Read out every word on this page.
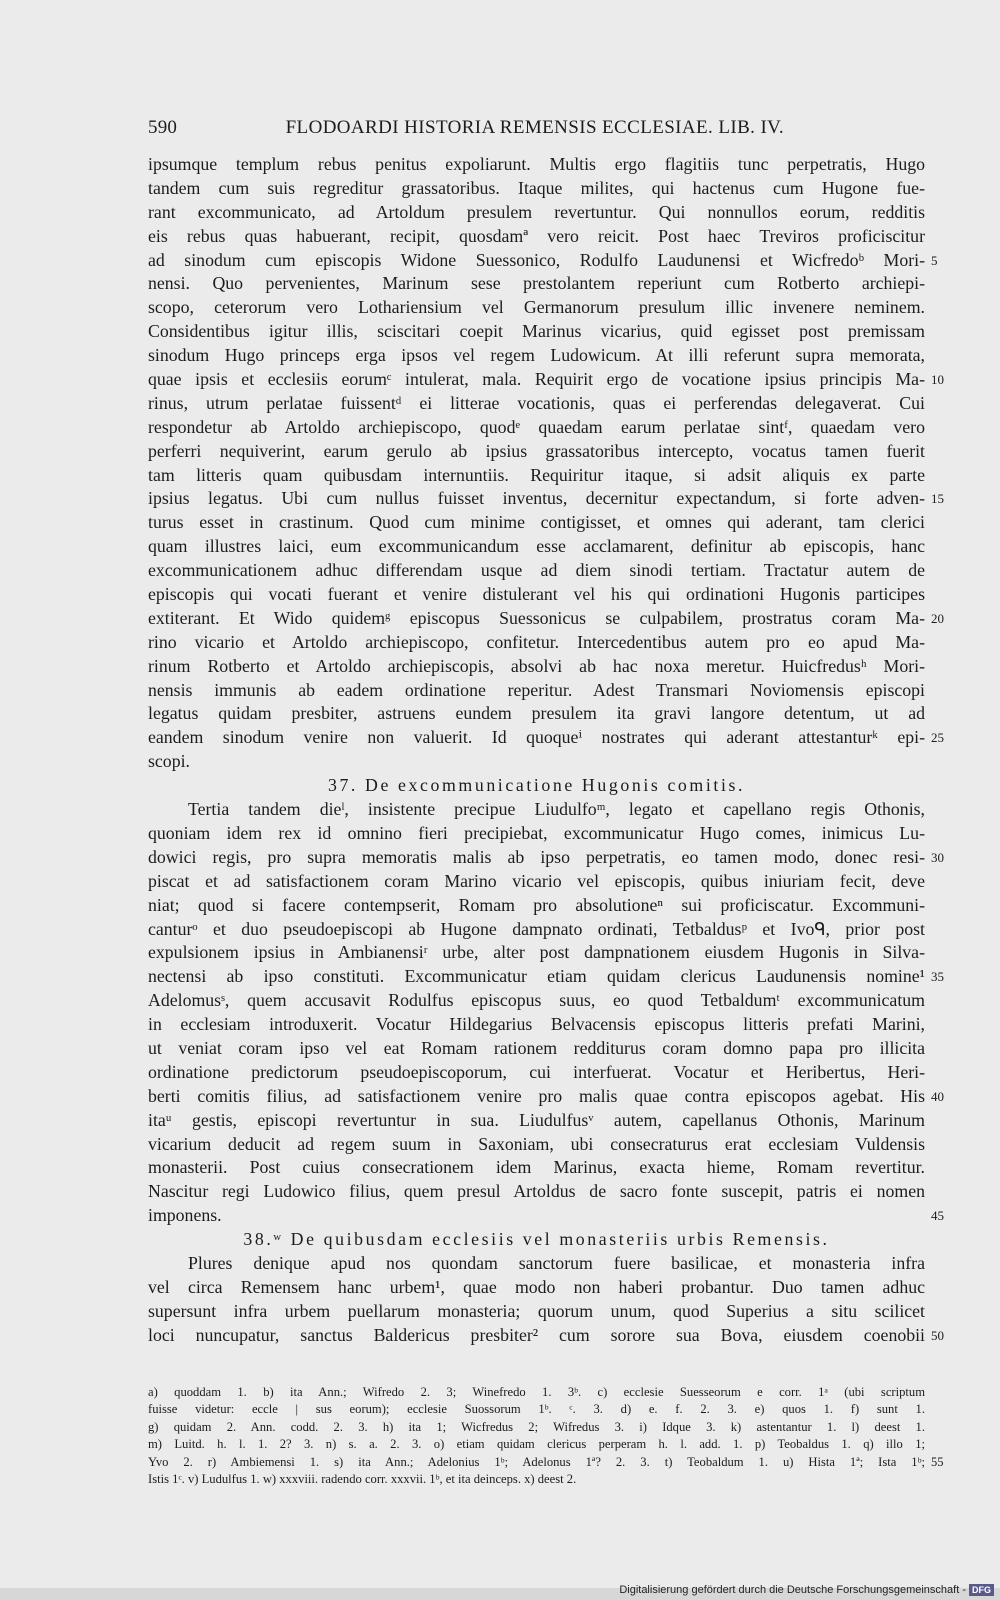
590	FLODOARDI HISTORIA REMENSIS ECCLESIAE. LIB. IV.
ipsumque templum rebus penitus expoliarunt. Multis ergo flagitiis tunc perpetratis, Hugo
tandem cum suis regreditur grassatoribus. Itaque milites, qui hactenus cum Hugone fue-
rant excommunicato, ad Artoldum presulem revertuntur. Qui nonnullos eorum, redditis
eis rebus quas habuerant, recipit, quosdamª vero reicit. Post haec Treviros proficiscitur
ad sinodum cum episcopis Widone Suessonico, Rodulfo Laudunensi et Wicfredoᵇ Mori- 5
nensi. Quo pervenientes, Marinum sese prestolantem reperiunt cum Rotberto archiepi-
scopo, ceterorum vero Lothariensium vel Germanorum presulum illic invenere neminem.
Considentibus igitur illis, sciscitari coepit Marinus vicarius, quid egisset post premissam
sinodum Hugo princeps erga ipsos vel regem Ludowicum. At illi referunt supra memorata,
quae ipsis et ecclesiis eorumᶜ intulerat, mala. Requirit ergo de vocatione ipsius principis Ma- 10
rinus, utrum perlatae fuissentᵈ ei litterae vocationis, quas ei perferendas delegaverat. Cui
respondetur ab Artoldo archiepiscopo, quodᵉ quaedam earum perlatae sintᶠ, quaedam vero
perferri nequiverint, earum gerulo ab ipsius grassatoribus intercepto, vocatus tamen fuerit
tam litteris quam quibusdam internuntiis. Requiritur itaque, si adsit aliquis ex parte
ipsius legatus. Ubi cum nullus fuisset inventus, decernitur expectandum, si forte adven- 15
turus esset in crastinum. Quod cum minime contigisset, et omnes qui aderant, tam clerici
quam illustres laici, eum excommunicandum esse acclamarent, definitur ab episcopis, hanc
excommunicationem adhuc differendam usque ad diem sinodi tertiam. Tractatur autem de
episcopis qui vocati fuerant et venire distulerant vel his qui ordinationi Hugonis participes
extiterant. Et Wido quidemᵍ episcopus Suessonicus se culpabilem, prostratus coram Ma- 20
rino vicario et Artoldo archiepiscopo, confitetur. Intercedentibus autem pro eo apud Ma-
rinum Rotberto et Artoldo archiepiscopis, absolvi ab hac noxa meretur. Huicfredusʰ Mori-
nensis immunis ab eadem ordinatione reperitur. Adest Transmari Noviomensis episcopi
legatus quidam presbiter, astruens eundem presulem ita gravi langore detentum, ut ad
eandem sinodum venire non valuerit. Id quoqueⁱ nostrates qui aderant attestanturᵏ epi- 25
scopi.
37. De excommunicatione Hugonis comitis.
Tertia tandem dieˡ, insistente precipue Liudulfoᵐ, legato et capellano regis Othonis,
quoniam idem rex id omnino fieri precipiebat, excommunicatur Hugo comes, inimicus Lu-
dowici regis, pro supra memoratis malis ab ipso perpetratis, eo tamen modo, donec resi- 30
piscat et ad satisfactionem coram Marino vicario vel episcopis, quibus iniuriam fecit, deve
niat; quod si facere contempserit, Romam pro absolutioneⁿ sui proficiscatur. Excommuni-
canturᵒ et duo pseudoepiscopi ab Hugone dampnato ordinati, Tetbaldusᵖ et Ivoᑫ, prior post
expulsionem ipsius in Ambianensiʳ urbe, alter post dampnationem eiusdem Hugonis in Silva-
nectensi ab ipso constituti. Excommunicatur etiam quidam clericus Laudunensis nomine¹ 35
Adelomusˢ, quem accusavit Rodulfus episcopus suus, eo quod Tetbaldumᵗ excommunicatum
in ecclesiam introduxerit. Vocatur Hildegarius Belvacensis episcopus litteris prefati Marini,
ut veniat coram ipso vel eat Romam rationem redditurus coram domno papa pro illicita
ordinatione predictorum pseudoepiscoporum, cui interfuerat. Vocatur et Heribertus, Heri-
berti comitis filius, ad satisfactionem venire pro malis quae contra episcopos agebat. His 40
itaᵘ gestis, episcopi revertuntur in sua. Liudulfusᵛ autem, capellanus Othonis, Marinum
vicarium deducit ad regem suum in Saxoniam, ubi consecraturus erat ecclesiam Vuldensis
monasterii. Post cuius consecrationem idem Marinus, exacta hieme, Romam revertitur.
Nascitur regi Ludowico filius, quem presul Artoldus de sacro fonte suscepit, patris ei nomen
imponens.	45
38.ʷ De quibusdam ecclesiis vel monasteriis urbis Remensis.
Plures denique apud nos quondam sanctorum fuere basilicae, et monasteria infra
vel circa Remensem hanc urbem¹, quae modo non haberi probantur. Duo tamen adhuc
supersunt infra urbem puellarum monasteria; quorum unum, quod Superius a situ scilicet
loci nuncupatur, sanctus Baldericus presbiter² cum sorore sua Bova, eiusdem coenobii 50
a) quoddam 1. b) ita Ann.; Wifredo 2. 3; Winefredo 1. 3ᵇ. c) ecclesie Suesseorum e corr. 1ᵃ (ubi scriptum
fuisse videtur: eccle | sus eorum); ecclesie Suossorum 1ᵇ. ᶜ. 3. d) e. f. 2. 3. e) quos 1. f) sunt 1.
g) quidam 2. Ann. codd. 2. 3. h) ita 1; Wicfredus 2; Wifredus 3. i) Idque 3. k) astentantur 1. l) deest 1.
m) Luitd. h. l. 1. 2? 3. n) s. a. 2. 3. o) etiam quidam clericus perperam h. l. add. 1. p) Teobaldus 1. q) illo 1;
Yvo 2. r) Ambiemensi 1. s) ita Ann.; Adelonius 1ᵇ; Adelonus 1ª? 2. 3. t) Teobaldum 1. u) Hista 1ª; Ista 1ᵇ; 55
Istis 1ᶜ. v) Ludulfus 1. w) xxxviii. radendo corr. xxxvii. 1ᵇ, et ita deinceps. x) deest 2.
Digitalisierung gefördert durch die Deutsche Forschungsgemeinschaft - DFG
